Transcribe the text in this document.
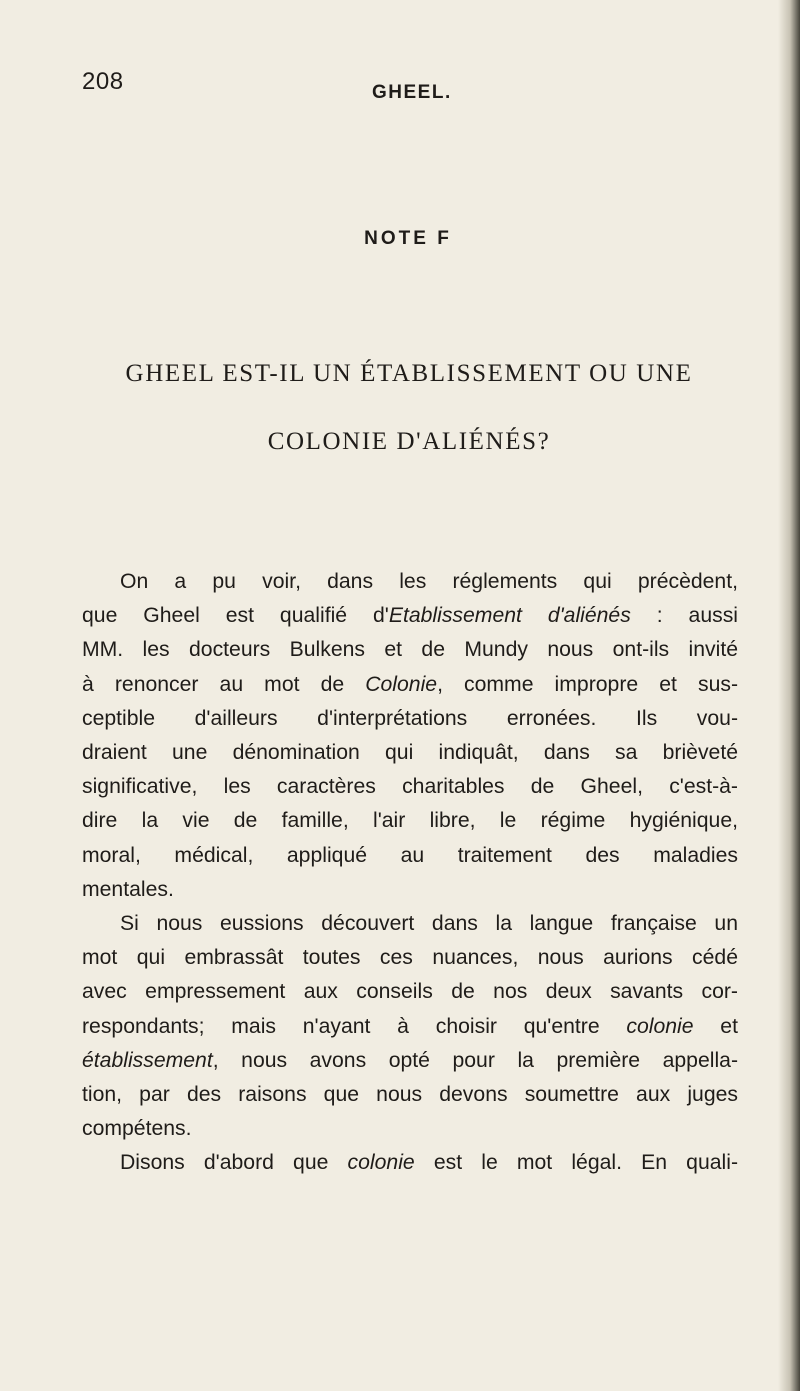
208	GHEEL.
NOTE F
GHEEL EST-IL UN ÉTABLISSEMENT OU UNE
COLONIE D'ALIÉNÉS?
On a pu voir, dans les réglements qui précèdent,
que Gheel est qualifié d'Etablissement d'aliénés : aussi
MM. les docteurs Bulkens et de Mundy nous ont-ils invité
à renoncer au mot de Colonie, comme impropre et sus-
ceptible d'ailleurs d'interprétations erronées. Ils vou-
draient une dénomination qui indiquât, dans sa brièveté
significative, les caractères charitables de Gheel, c'est-à-
dire la vie de famille, l'air libre, le régime hygiénique,
moral, médical, appliqué au traitement des maladies
mentales.
Si nous eussions découvert dans la langue française un
mot qui embrassât toutes ces nuances, nous aurions cédé
avec empressement aux conseils de nos deux savants cor-
respondants; mais n'ayant à choisir qu'entre colonie et
établissement, nous avons opté pour la première appella-
tion, par des raisons que nous devons soumettre aux juges
compétens.
Disons d'abord que colonie est le mot légal. En quali-
